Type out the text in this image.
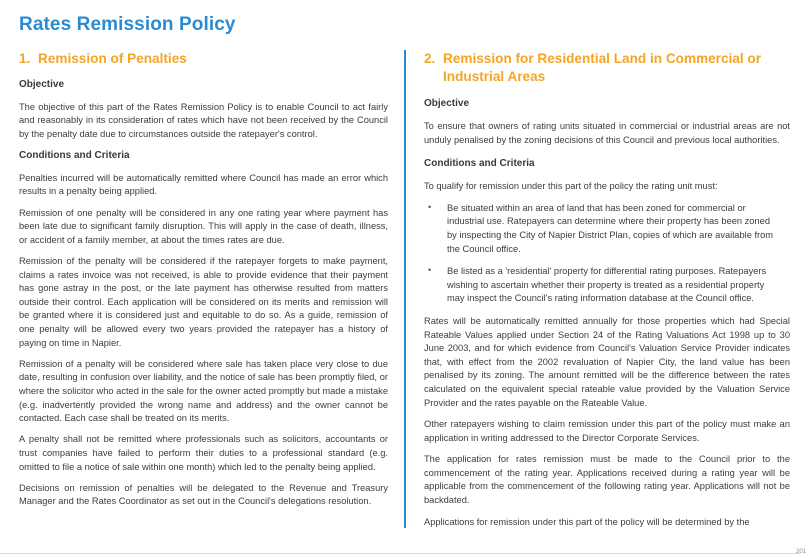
Rates Remission Policy
1. Remission of Penalties
Objective

The objective of this part of the Rates Remission Policy is to enable Council to act fairly and reasonably in its consideration of rates which have not been received by the Council by the penalty date due to circumstances outside the ratepayer's control.

Conditions and Criteria

Penalties incurred will be automatically remitted where Council has made an error which results in a penalty being applied.

Remission of one penalty will be considered in any one rating year where payment has been late due to significant family disruption. This will apply in the case of death, illness, or accident of a family member, at about the times rates are due.

Remission of the penalty will be considered if the ratepayer forgets to make payment, claims a rates invoice was not received, is able to provide evidence that their payment has gone astray in the post, or the late payment has otherwise resulted from matters outside their control. Each application will be considered on its merits and remission will be granted where it is considered just and equitable to do so. As a guide, remission of one penalty will be allowed every two years provided the ratepayer has a history of paying on time in Napier.

Remission of a penalty will be considered where sale has taken place very close to due date, resulting in confusion over liability, and the notice of sale has been promptly filed, or where the solicitor who acted in the sale for the owner acted promptly but made a mistake (e.g. inadvertently provided the wrong name and address) and the owner cannot be contacted. Each case shall be treated on its merits.

A penalty shall not be remitted where professionals such as solicitors, accountants or trust companies have failed to perform their duties to a professional standard (e.g. omitted to file a notice of sale within one month) which led to the penalty being applied.

Decisions on remission of penalties will be delegated to the Revenue and Treasury Manager and the Rates Coordinator as set out in the Council's delegations resolution.

2. Remission for Residential Land in Commercial or Industrial Areas
Objective

To ensure that owners of rating units situated in commercial or industrial areas are not unduly penalised by the zoning decisions of this Council and previous local authorities.

Conditions and Criteria

To qualify for remission under this part of the policy the rating unit must:

•	Be situated within an area of land that has been zoned for commercial or industrial use. Ratepayers can determine where their property has been zoned by inspecting the City of Napier District Plan, copies of which are available from the Council office.
•	Be listed as a 'residential' property for differential rating purposes. Ratepayers wishing to ascertain whether their property is treated as a residential property may inspect the Council's rating information database at the Council office.

Rates will be automatically remitted annually for those properties which had Special Rateable Values applied under Section 24 of the Rating Valuations Act 1998 up to 30 June 2003, and for which evidence from Council's Valuation Service Provider indicates that, with effect from the 2002 revaluation of Napier City, the land value has been penalised by its zoning. The amount remitted will be the difference between the rates calculated on the equivalent special rateable value provided by the Valuation Service Provider and the rates payable on the Rateable Value.

Other ratepayers wishing to claim remission under this part of the policy must make an application in writing addressed to the Director Corporate Services.

The application for rates remission must be made to the Council prior to the commencement of the rating year. Applications received during a rating year will be applicable from the commencement of the following rating year. Applications will not be backdated.

Applications for remission under this part of the policy will be determined by the

201
